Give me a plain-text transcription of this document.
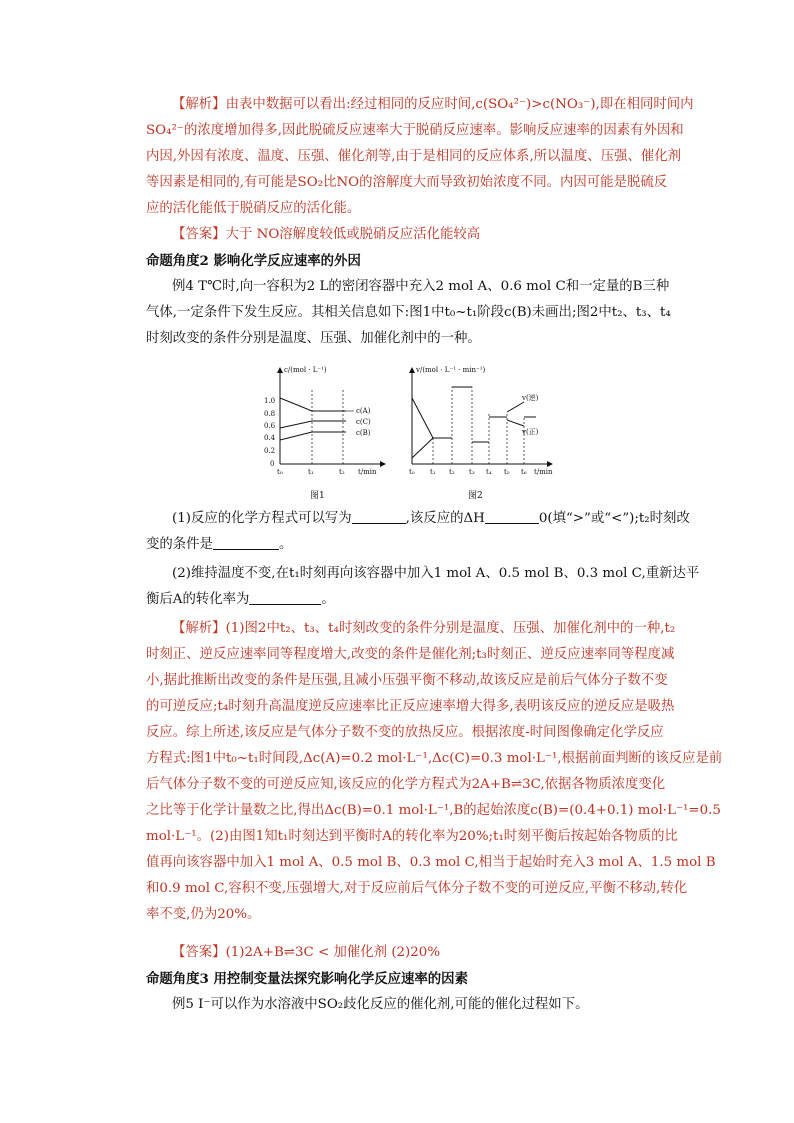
【解析】由表中数据可以看出:经过相同的反应时间,c(SO₄²⁻)>c(NO₃⁻),即在相同时间内
SO₄²⁻的浓度增加得多,因此脱硫反应速率大于脱硝反应速率。影响反应速率的因素有外因和
内因,外因有浓度、温度、压强、催化剂等,由于是相同的反应体系,所以温度、压强、催化剂
等因素是相同的,有可能是SO₂比NO的溶解度大而导致初始浓度不同。内因可能是脱硫反
应的活化能低于脱硝反应的活化能。
【答案】大于 NO溶解度较低或脱硝反应活化能较高
命题角度2 影响化学反应速率的外因
例4 T℃时,向一容积为2 L的密闭容器中充入2 mol A、0.6 mol C和一定量的B三种
气体,一定条件下发生反应。其相关信息如下:图1中t₀~t₁阶段c(B)未画出;图2中t₂、t₃、t₄
时刻改变的条件分别是温度、压强、加催化剂中的一种。
c/(mol · L⁻¹)
t/min
1.0
0.8
0.6
0.4
0.2
0
t₀	t₁	t₂
c(A)
c(C)
c(B)
图1
v/(mol · L⁻¹ · min⁻¹)
t/min
t₀ t₁ t₂ t₃ t₄ t₅ t₆
v(逆)
v(正)
图2
(1)反应的化学方程式可以写为	,该反应的ΔH	0(填“>”或“<”);t₂时刻改
变的条件是	。
(2)维持温度不变,在t₁时刻再向该容器中加入1 mol A、0.5 mol B、0.3 mol C,重新达平
衡后A的转化率为	。
【解析】(1)图2中t₂、t₃、t₄时刻改变的条件分别是温度、压强、加催化剂中的一种,t₂
时刻正、逆反应速率同等程度增大,改变的条件是催化剂;t₃时刻正、逆反应速率同等程度减
小,据此推断出改变的条件是压强,且减小压强平衡不移动,故该反应是前后气体分子数不变
的可逆反应;t₄时刻升高温度逆反应速率比正反应速率增大得多,表明该反应的逆反应是吸热
反应。综上所述,该反应是气体分子数不变的放热反应。根据浓度-时间图像确定化学反应
方程式:图1中t₀~t₁时间段,Δc(A)=0.2 mol·L⁻¹,Δc(C)=0.3 mol·L⁻¹,根据前面判断的该反应是前
后气体分子数不变的可逆反应知,该反应的化学方程式为2A+B⇌3C,依据各物质浓度变化
之比等于化学计量数之比,得出Δc(B)=0.1 mol·L⁻¹,B的起始浓度c(B)=(0.4+0.1) mol·L⁻¹=0.5
mol·L⁻¹。(2)由图1知t₁时刻达到平衡时A的转化率为20%;t₁时刻平衡后按起始各物质的比
值再向该容器中加入1 mol A、0.5 mol B、0.3 mol C,相当于起始时充入3 mol A、1.5 mol B
和0.9 mol C,容积不变,压强增大,对于反应前后气体分子数不变的可逆反应,平衡不移动,转化
率不变,仍为20%。
【答案】(1)2A+B⇌3C < 加催化剂 (2)20%
命题角度3 用控制变量法探究影响化学反应速率的因素
例5 I⁻可以作为水溶液中SO₂歧化反应的催化剂,可能的催化过程如下。
